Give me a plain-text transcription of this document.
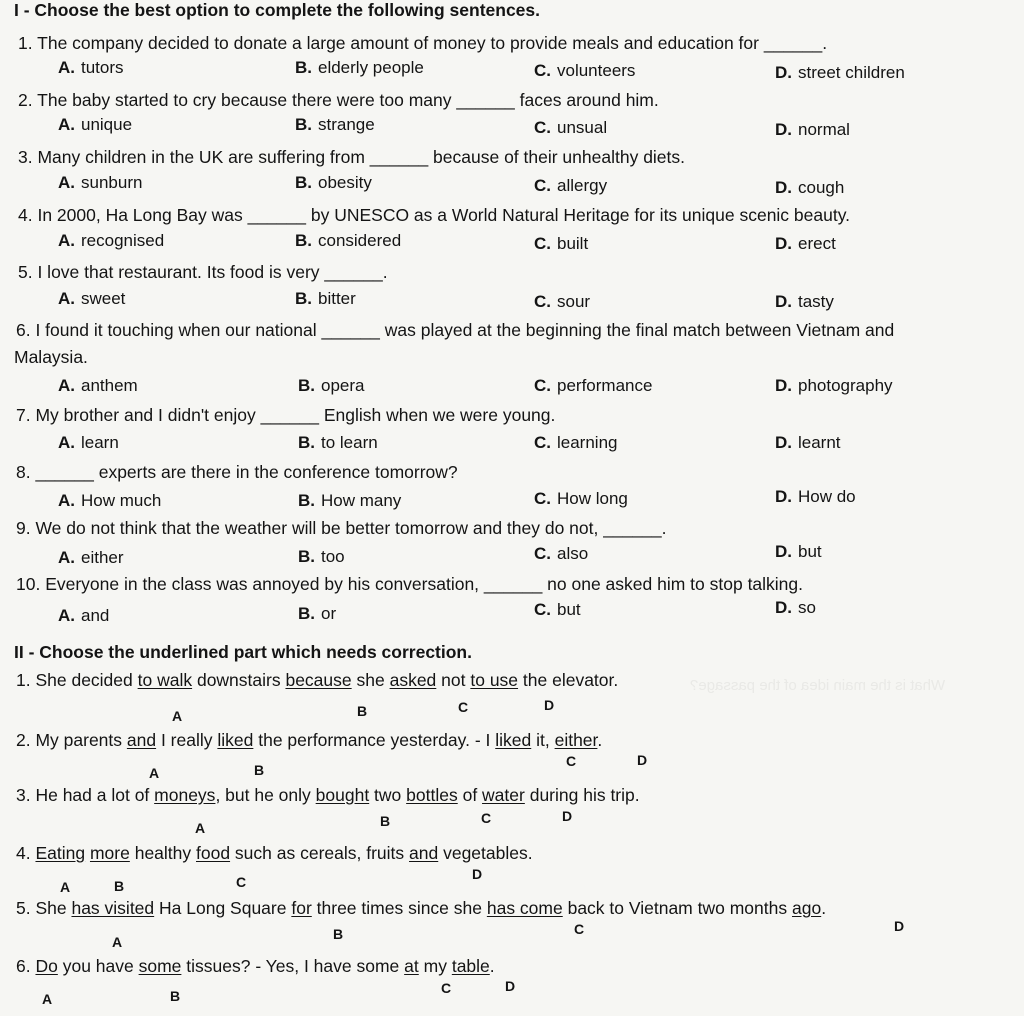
What is the main idea of the passage?
I - Choose the best option to complete the following sentences.
1. The company decided to donate a large amount of money to provide meals and education for ______.
A. tutors	B. elderly people	C. volunteers	D. street children
2. The baby started to cry because there were too many ______ faces around him.
A. unique	B. strange	C. unsual	D. normal
3. Many children in the UK are suffering from ______ because of their unhealthy diets.
A. sunburn	B. obesity	C. allergy	D. cough
4. In 2000, Ha Long Bay was ______ by UNESCO as a World Natural Heritage for its unique scenic beauty.
A. recognised	B. considered	C. built	D. erect
5. I love that restaurant. Its food is very ______.
A. sweet	B. bitter	C. sour	D. tasty
6. I found it touching when our national ______ was played at the beginning the final match between Vietnam and
Malaysia.
A. anthem	B. opera	C. performance	D. photography
7. My brother and I didn't enjoy ______ English when we were young.
A. learn	B. to learn	C. learning	D. learnt
8. ______ experts are there in the conference tomorrow?
A. How much	B. How many	C. How long	D. How do
9. We do not think that the weather will be better tomorrow and they do not, ______.
A. either	B. too	C. also	D. but
10. Everyone in the class was annoyed by his conversation, ______ no one asked him to stop talking.
A. and	B. or	C. but	D. so
II - Choose the underlined part which needs correction.
1. She decided to walk downstairs because she asked not to use the elevator.
A	B	C	D
2. My parents and I really liked the performance yesterday. - I liked it, either.
A	B
C	D
3. He had a lot of moneys, but he only bought two bottles of water during his trip.
A	B	C	D
4. Eating more healthy food such as cereals, fruits and vegetables.
A	B	C	D
5. She has visited Ha Long Square for three times since she has come back to Vietnam two months ago.
A	B	C	D
6. Do you have some tissues? - Yes, I have some at my table.
A	B	C	D
